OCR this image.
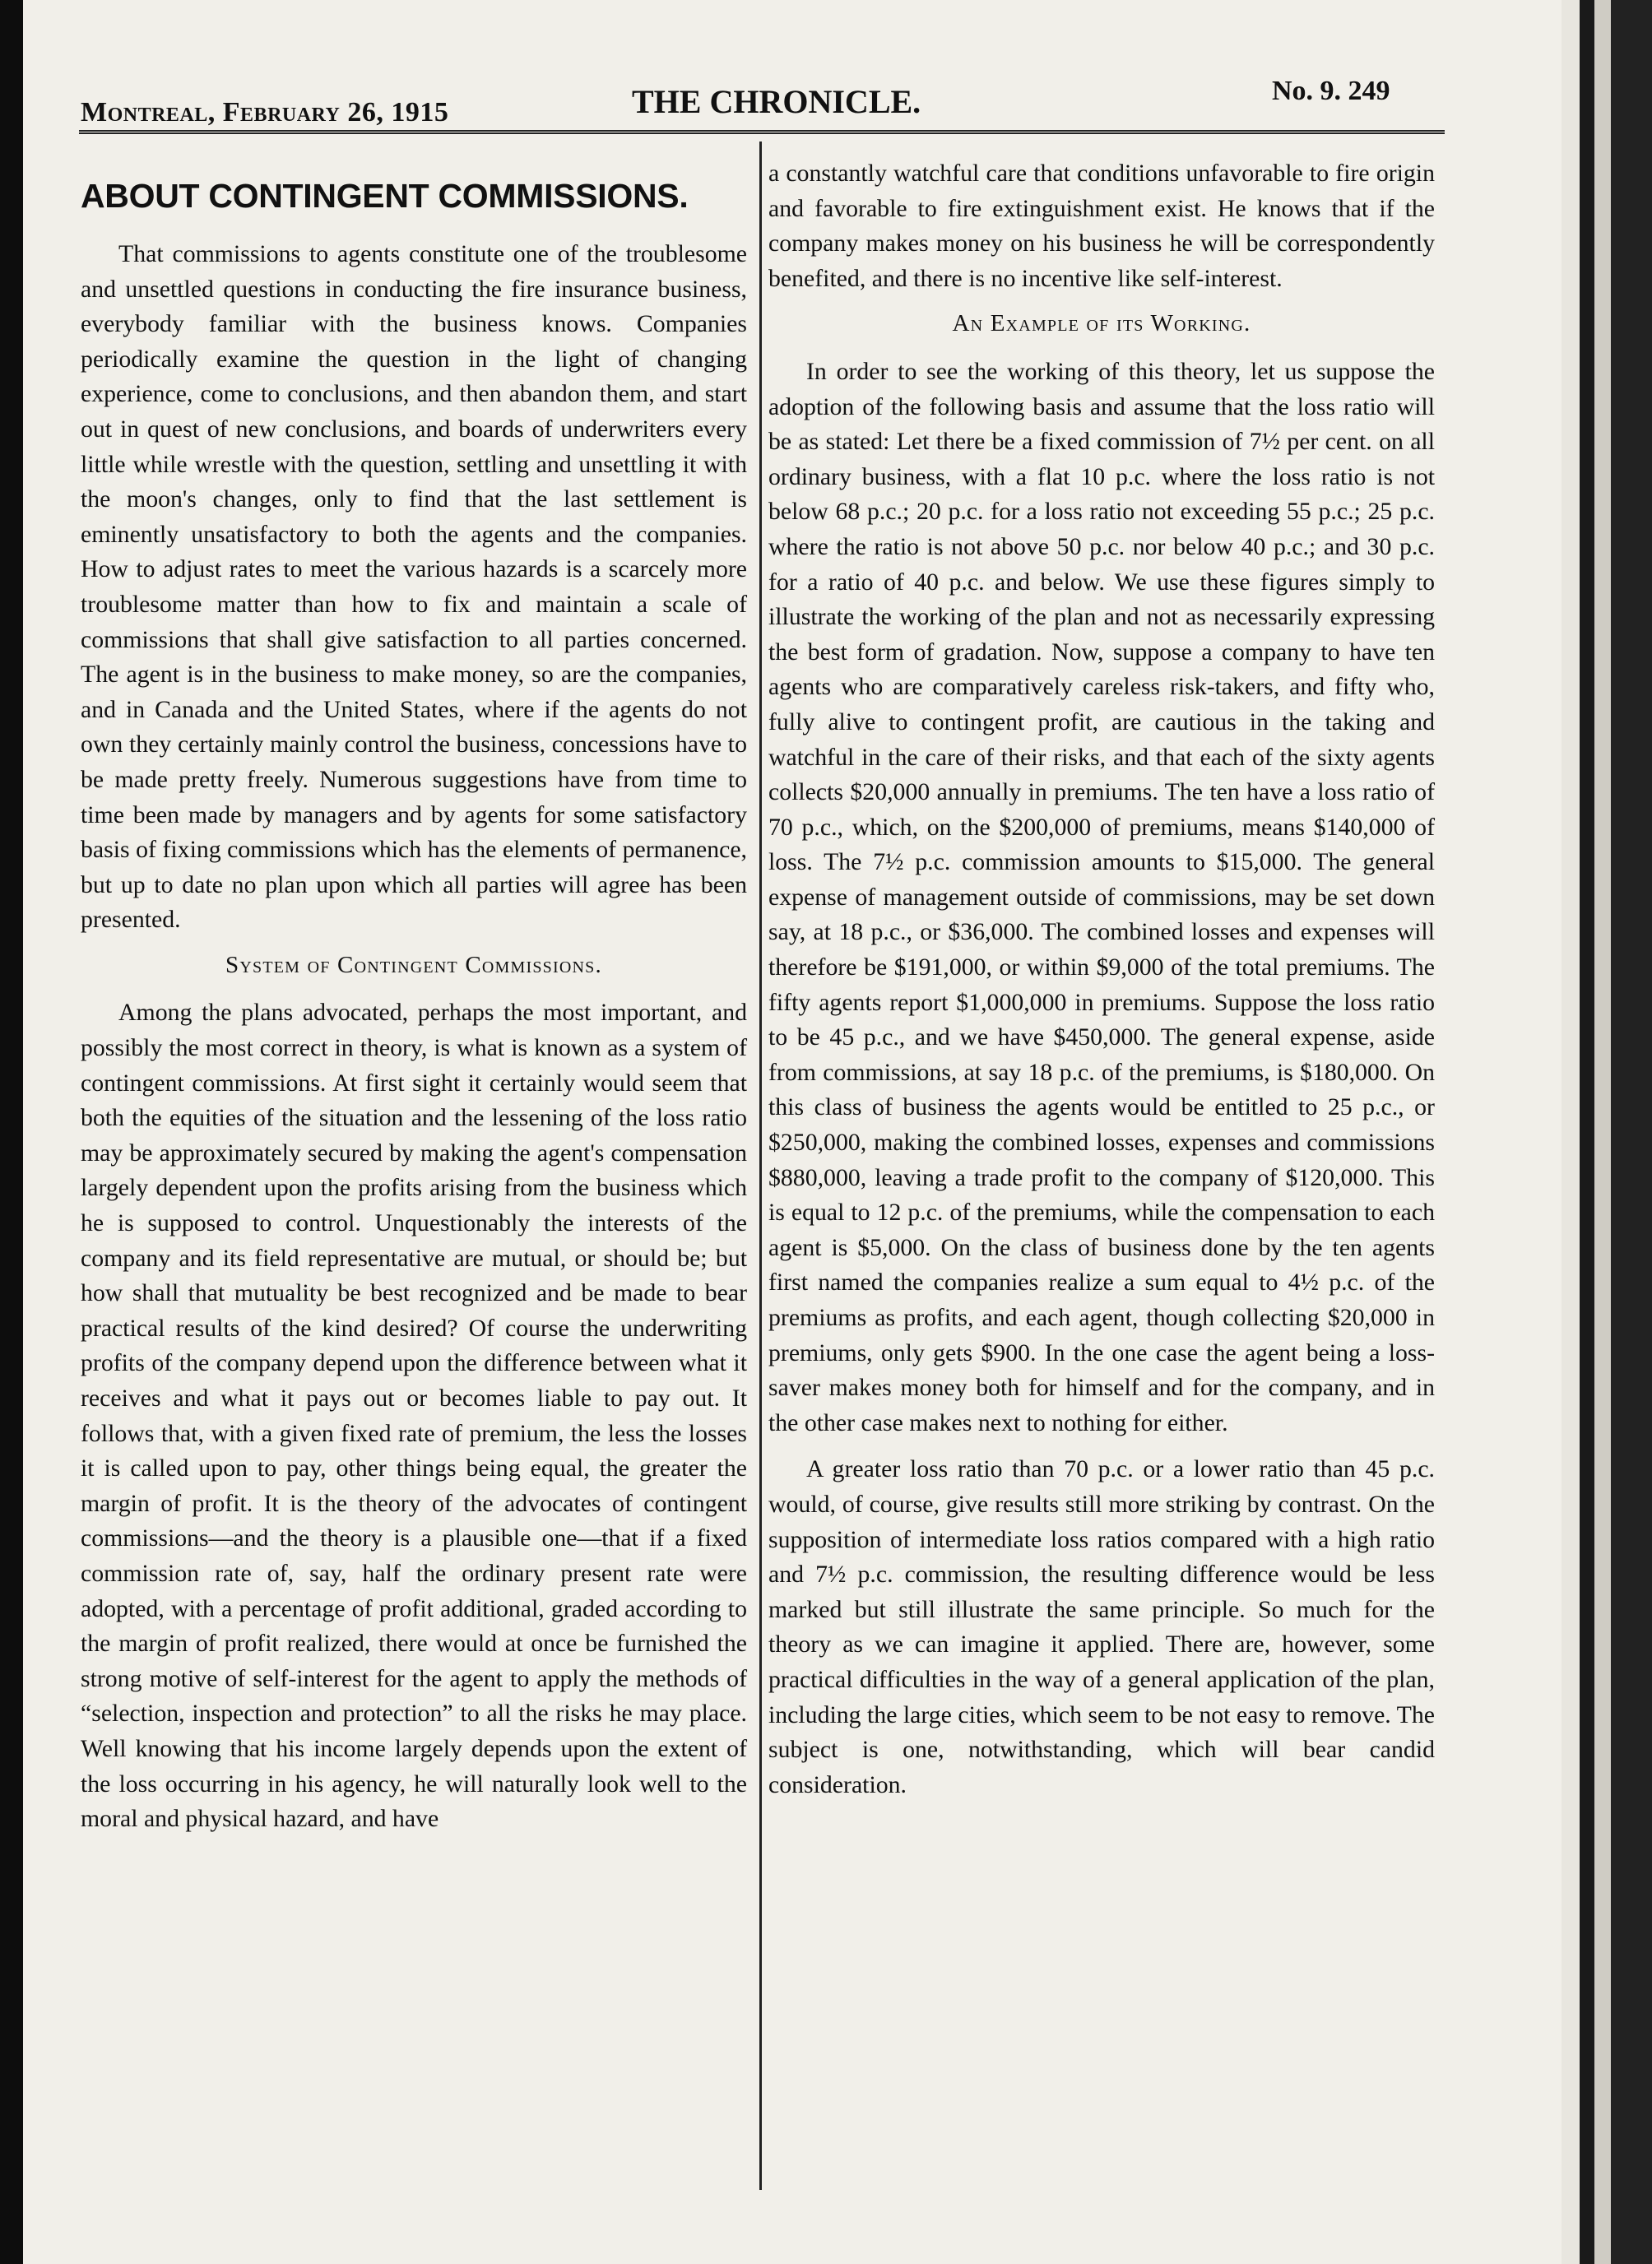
Montreal, February 26, 1915	THE CHRONICLE.	No. 9. 249
ABOUT CONTINGENT COMMISSIONS.

That commissions to agents constitute one of the troublesome and unsettled questions in conducting the fire insurance business, everybody familiar with the business knows. Companies periodically examine the question in the light of changing experience, come to conclusions, and then abandon them, and start out in quest of new conclusions, and boards of underwriters every little while wrestle with the question, settling and unsettling it with the moon's changes, only to find that the last settlement is eminently unsatisfactory to both the agents and the companies. How to adjust rates to meet the various hazards is a scarcely more troublesome matter than how to fix and maintain a scale of commissions that shall give satisfaction to all parties concerned. The agent is in the business to make money, so are the companies, and in Canada and the United States, where if the agents do not own they certainly mainly control the business, concessions have to be made pretty freely. Numerous suggestions have from time to time been made by managers and by agents for some satisfactory basis of fixing commissions which has the elements of permanence, but up to date no plan upon which all parties will agree has been presented.

System of Contingent Commissions.

Among the plans advocated, perhaps the most important, and possibly the most correct in theory, is what is known as a system of contingent commissions. At first sight it certainly would seem that both the equities of the situation and the lessening of the loss ratio may be approximately secured by making the agent's compensation largely dependent upon the profits arising from the business which he is supposed to control. Unquestionably the interests of the company and its field representative are mutual, or should be; but how shall that mutuality be best recognized and be made to bear practical results of the kind desired? Of course the underwriting profits of the company depend upon the difference between what it receives and what it pays out or becomes liable to pay out. It follows that, with a given fixed rate of premium, the less the losses it is called upon to pay, other things being equal, the greater the margin of profit. It is the theory of the advocates of contingent commissions—and the theory is a plausible one—that if a fixed commission rate of, say, half the ordinary present rate were adopted, with a percentage of profit additional, graded according to the margin of profit realized, there would at once be furnished the strong motive of self-interest for the agent to apply the methods of “selection, inspection and protection” to all the risks he may place. Well knowing that his income largely depends upon the extent of the loss occurring in his agency, he will naturally look well to the moral and physical hazard, and have

a constantly watchful care that conditions unfavorable to fire origin and favorable to fire extinguishment exist. He knows that if the company makes money on his business he will be correspondently benefited, and there is no incentive like self-interest.

An Example of its Working.

In order to see the working of this theory, let us suppose the adoption of the following basis and assume that the loss ratio will be as stated: Let there be a fixed commission of 7½ per cent. on all ordinary business, with a flat 10 p.c. where the loss ratio is not below 68 p.c.; 20 p.c. for a loss ratio not exceeding 55 p.c.; 25 p.c. where the ratio is not above 50 p.c. nor below 40 p.c.; and 30 p.c. for a ratio of 40 p.c. and below. We use these figures simply to illustrate the working of the plan and not as necessarily expressing the best form of gradation. Now, suppose a company to have ten agents who are comparatively careless risk-takers, and fifty who, fully alive to contingent profit, are cautious in the taking and watchful in the care of their risks, and that each of the sixty agents collects $20,000 annually in premiums. The ten have a loss ratio of 70 p.c., which, on the $200,000 of premiums, means $140,000 of loss. The 7½ p.c. commission amounts to $15,000. The general expense of management outside of commissions, may be set down say, at 18 p.c., or $36,000. The combined losses and expenses will therefore be $191,000, or within $9,000 of the total premiums. The fifty agents report $1,000,000 in premiums. Suppose the loss ratio to be 45 p.c., and we have $450,000. The general expense, aside from commissions, at say 18 p.c. of the premiums, is $180,000. On this class of business the agents would be entitled to 25 p.c., or $250,000, making the combined losses, expenses and commissions $880,000, leaving a trade profit to the company of $120,000. This is equal to 12 p.c. of the premiums, while the compensation to each agent is $5,000. On the class of business done by the ten agents first named the companies realize a sum equal to 4½ p.c. of the premiums as profits, and each agent, though collecting $20,000 in premiums, only gets $900. In the one case the agent being a loss-saver makes money both for himself and for the company, and in the other case makes next to nothing for either.

A greater loss ratio than 70 p.c. or a lower ratio than 45 p.c. would, of course, give results still more striking by contrast. On the supposition of intermediate loss ratios compared with a high ratio and 7½ p.c. commission, the resulting difference would be less marked but still illustrate the same principle. So much for the theory as we can imagine it applied. There are, however, some practical difficulties in the way of a general application of the plan, including the large cities, which seem to be not easy to remove. The subject is one, notwithstanding, which will bear candid consideration.
